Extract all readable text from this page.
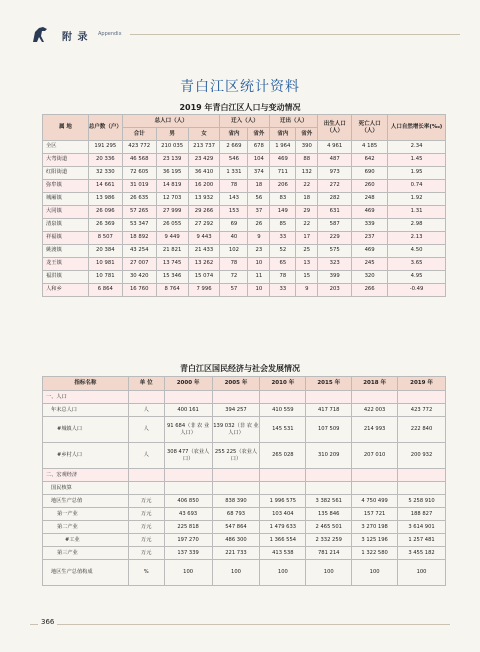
附 录 Appendix
青白江区统计资料
2019 年青白江区人口与变动情况
属 地	总户数（户）	总人口（人）			迁入（人）		迁出（人）		出生人口（人）	死亡人口（人）	人口自然增长率(‰)
		合计	男	女	省内	省外	省内	省外			
全区	191 295	423 772	210 035	213 737	2 669	678	1 964	390	4 961	4 185	2.34
大弯街道	20 336	46 568	23 139	23 429	546	104	469	88	487	642	1.45
红阳街道	32 330	72 605	36 195	36 410	1 331	374	711	132	973	690	1.95
弥牟镇	14 661	31 019	14 819	16 200	78	18	206	22	272	260	0.74
城厢镇	13 986	26 635	12 703	13 932	143	56	83	18	282	248	1.92
大同镇	26 096	57 265	27 999	29 266	153	37	149	29	631	469	1.31
清泉镇	26 369	53 347	26 055	27 292	69	26	85	22	587	339	2.98
祥福镇	8 507	18 892	9 449	9 443	40	9	33	17	229	237	2.13
姚渡镇	20 384	43 254	21 821	21 433	102	23	52	25	575	469	4.50
龙王镇	10 981	27 007	13 745	13 262	78	10	65	13	323	245	3.65
福洪镇	10 781	30 420	15 346	15 074	72	11	78	15	399	320	4.95
人和乡	6 864	16 760	8 764	7 996	57	10	33	9	203	266	-0.49
青白江区国民经济与社会发展情况
指标名称	单 位	2000 年	2005 年	2010 年	2015 年	2018 年	2019 年
一、人口							
年末总人口	人	400 161	394 257	410 559	417 718	422 003	423 772
#城镇人口	人	91 684（非 农 业人口）	139 032（非 农 业人口）	145 531	107 509	214 993	222 840
#乡村人口	人	308 477（农业人口）	255 225（农业人口）	265 028	310 209	207 010	200 932
二、宏观经济							
国民核算							
地区生产总值	万元	406 850	838 390	1 996 575	3 382 561	4 750 499	5 258 910
第一产业	万元	43 693	68 793	103 404	135 846	157 721	188 827
第二产业	万元	225 818	547 864	1 479 633	2 465 501	3 270 198	3 614 901
#工业	万元	197 270	486 300	1 366 554	2 332 259	3 125 196	1 257 481
第三产业	万元	137 339	221 733	413 538	781 214	1 322 580	3 455 182
地区生产总值构成	%	100	100	100	100	100	100
366
